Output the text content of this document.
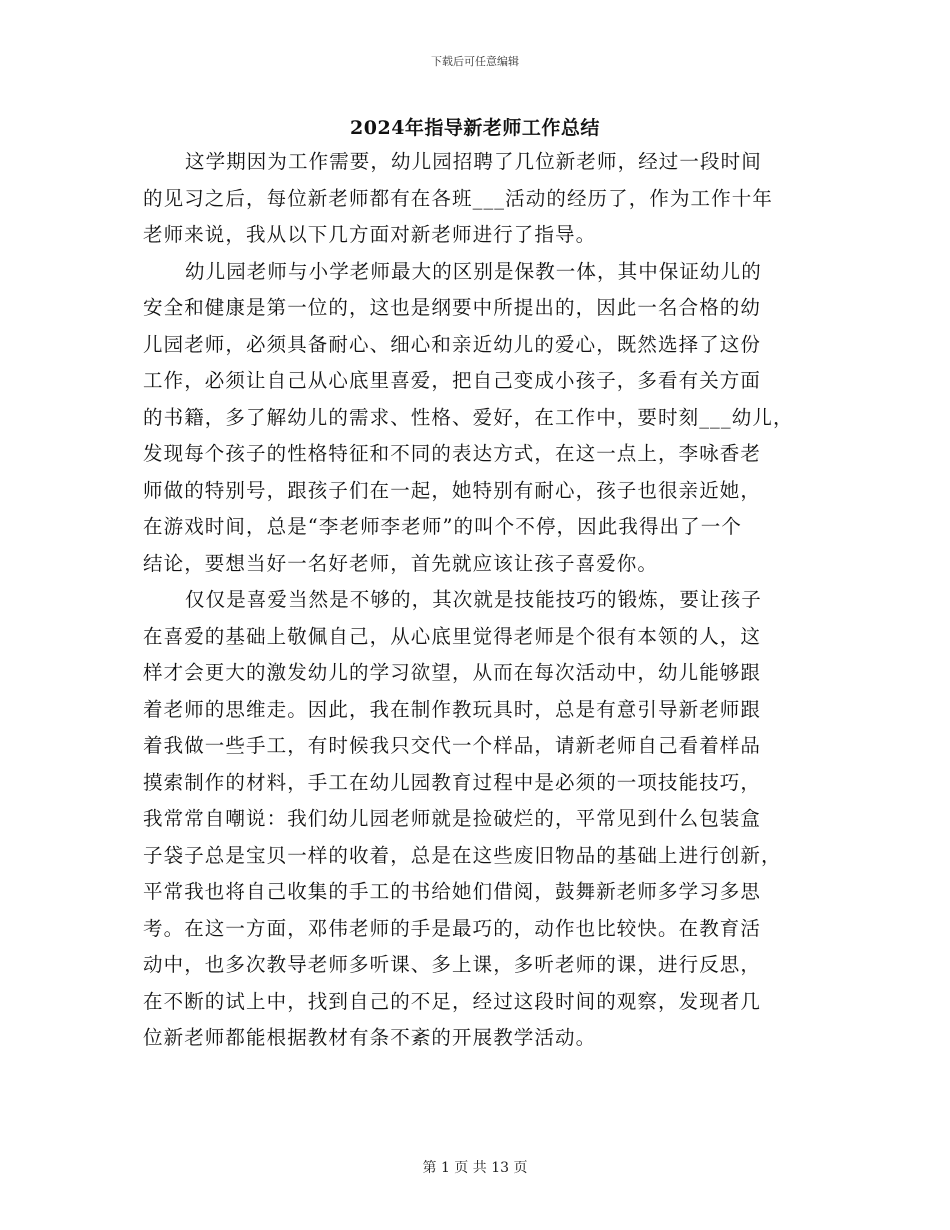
下载后可任意编辑
2024年指导新老师工作总结
这学期因为工作需要，幼儿园招聘了几位新老师，经过一段时间
的见习之后，每位新老师都有在各班___活动的经历了，作为工作十年
老师来说，我从以下几方面对新老师进行了指导。
幼儿园老师与小学老师最大的区别是保教一体，其中保证幼儿的
安全和健康是第一位的，这也是纲要中所提出的，因此一名合格的幼
儿园老师，必须具备耐心、细心和亲近幼儿的爱心，既然选择了这份
工作，必须让自己从心底里喜爱，把自己变成小孩子，多看有关方面
的书籍，多了解幼儿的需求、性格、爱好，在工作中，要时刻___幼儿，
发现每个孩子的性格特征和不同的表达方式，在这一点上，李咏香老
师做的特别号，跟孩子们在一起，她特别有耐心，孩子也很亲近她，
在游戏时间，总是“李老师李老师”的叫个不停，因此我得出了一个
结论，要想当好一名好老师，首先就应该让孩子喜爱你。
仅仅是喜爱当然是不够的，其次就是技能技巧的锻炼，要让孩子
在喜爱的基础上敬佩自己，从心底里觉得老师是个很有本领的人，这
样才会更大的激发幼儿的学习欲望，从而在每次活动中，幼儿能够跟
着老师的思维走。因此，我在制作教玩具时，总是有意引导新老师跟
着我做一些手工，有时候我只交代一个样品，请新老师自己看着样品
摸索制作的材料，手工在幼儿园教育过程中是必须的一项技能技巧，
我常常自嘲说：我们幼儿园老师就是捡破烂的，平常见到什么包装盒
子袋子总是宝贝一样的收着，总是在这些废旧物品的基础上进行创新，
平常我也将自己收集的手工的书给她们借阅，鼓舞新老师多学习多思
考。在这一方面，邓伟老师的手是最巧的，动作也比较快。在教育活
动中，也多次教导老师多听课、多上课，多听老师的课，进行反思，
在不断的试上中，找到自己的不足，经过这段时间的观察，发现者几
位新老师都能根据教材有条不紊的开展教学活动。
第 1 页 共 13 页
